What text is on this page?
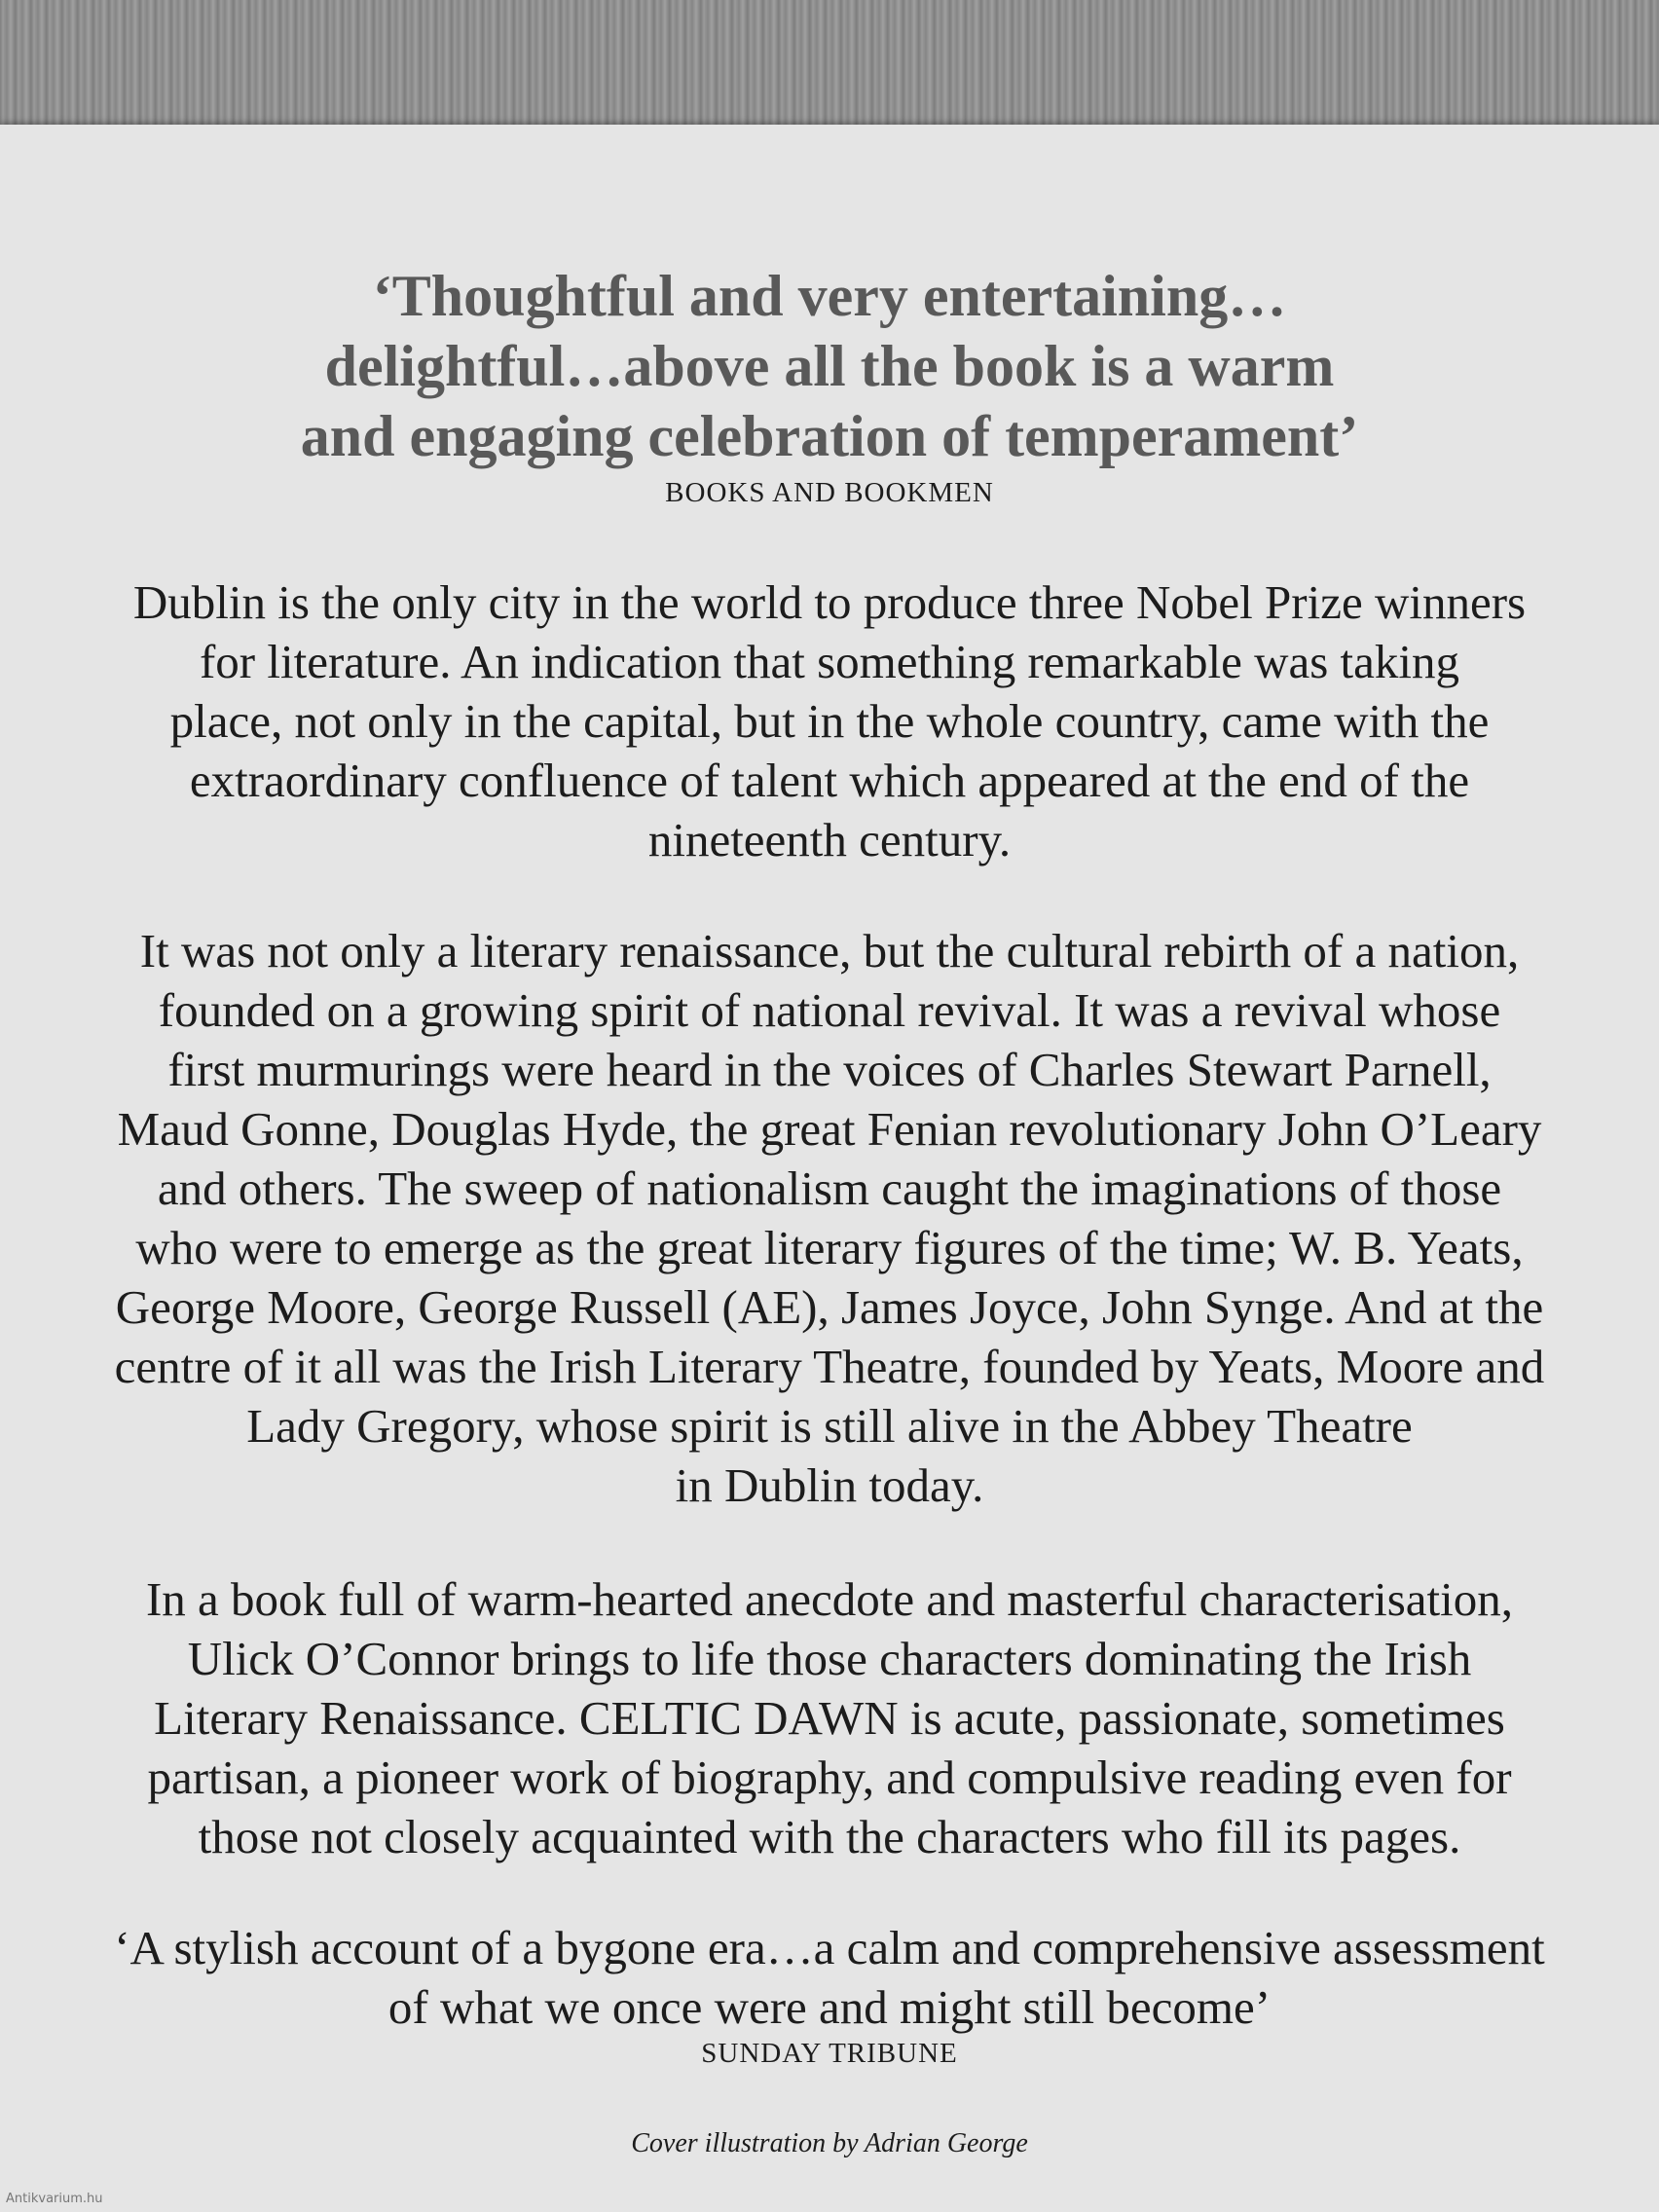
‘Thoughtful and very entertaining…
delightful…above all the book is a warm
and engaging celebration of temperament’
BOOKS AND BOOKMEN
Dublin is the only city in the world to produce three Nobel Prize winners
for literature. An indication that something remarkable was taking
place, not only in the capital, but in the whole country, came with the
extraordinary confluence of talent which appeared at the end of the
nineteenth century.
It was not only a literary renaissance, but the cultural rebirth of a nation,
founded on a growing spirit of national revival. It was a revival whose
first murmurings were heard in the voices of Charles Stewart Parnell,
Maud Gonne, Douglas Hyde, the great Fenian revolutionary John O’Leary
and others. The sweep of nationalism caught the imaginations of those
who were to emerge as the great literary figures of the time; W. B. Yeats,
George Moore, George Russell (AE), James Joyce, John Synge. And at the
centre of it all was the Irish Literary Theatre, founded by Yeats, Moore and
Lady Gregory, whose spirit is still alive in the Abbey Theatre
in Dublin today.
In a book full of warm-hearted anecdote and masterful characterisation,
Ulick O’Connor brings to life those characters dominating the Irish
Literary Renaissance. CELTIC DAWN is acute, passionate, sometimes
partisan, a pioneer work of biography, and compulsive reading even for
those not closely acquainted with the characters who fill its pages.
‘A stylish account of a bygone era…a calm and comprehensive assessment
of what we once were and might still become’
SUNDAY TRIBUNE
Cover illustration by Adrian George
Antikvarium.hu
